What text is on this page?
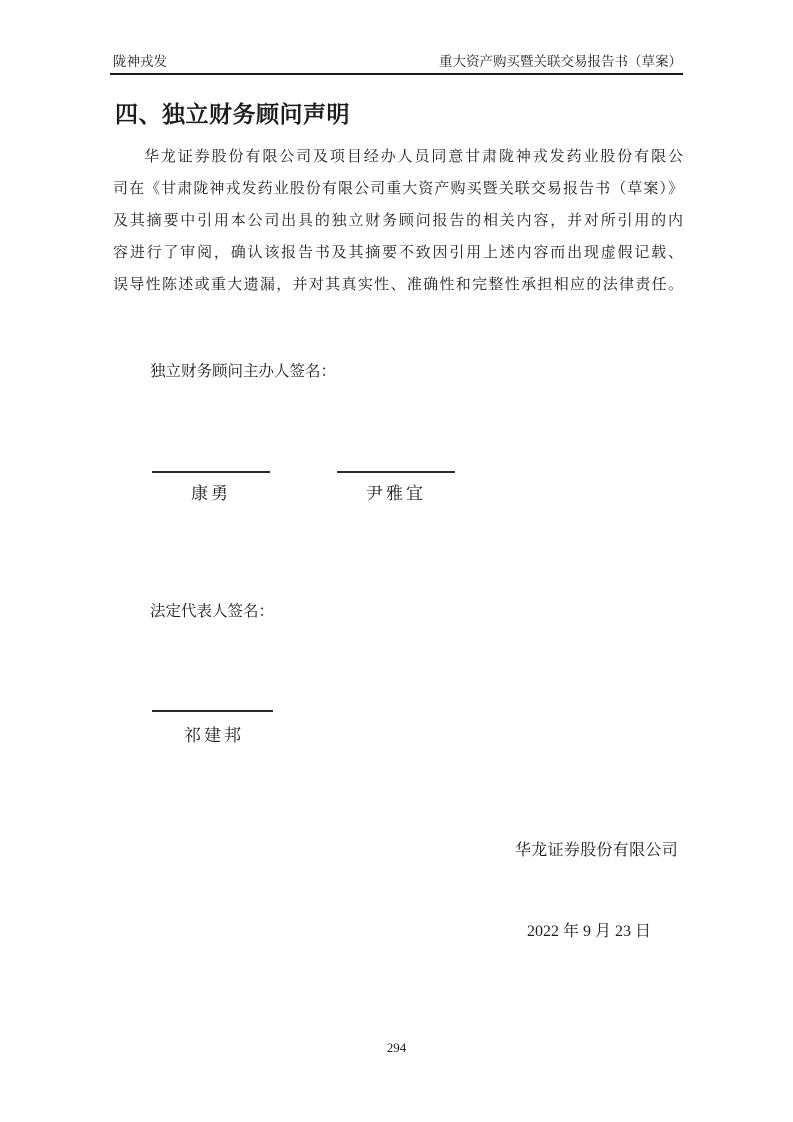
陇神戎发	重大资产购买暨关联交易报告书（草案）
四、独立财务顾问声明
华龙证券股份有限公司及项目经办人员同意甘肃陇神戎发药业股份有限公
司在《甘肃陇神戎发药业股份有限公司重大资产购买暨关联交易报告书（草案）》
及其摘要中引用本公司出具的独立财务顾问报告的相关内容，并对所引用的内
容进行了审阅，确认该报告书及其摘要不致因引用上述内容而出现虚假记载、
误导性陈述或重大遗漏，并对其真实性、准确性和完整性承担相应的法律责任。
独立财务顾问主办人签名：
康勇	尹雅宜
法定代表人签名：
祁建邦
华龙证券股份有限公司
2022 年 9 月 23 日
294
